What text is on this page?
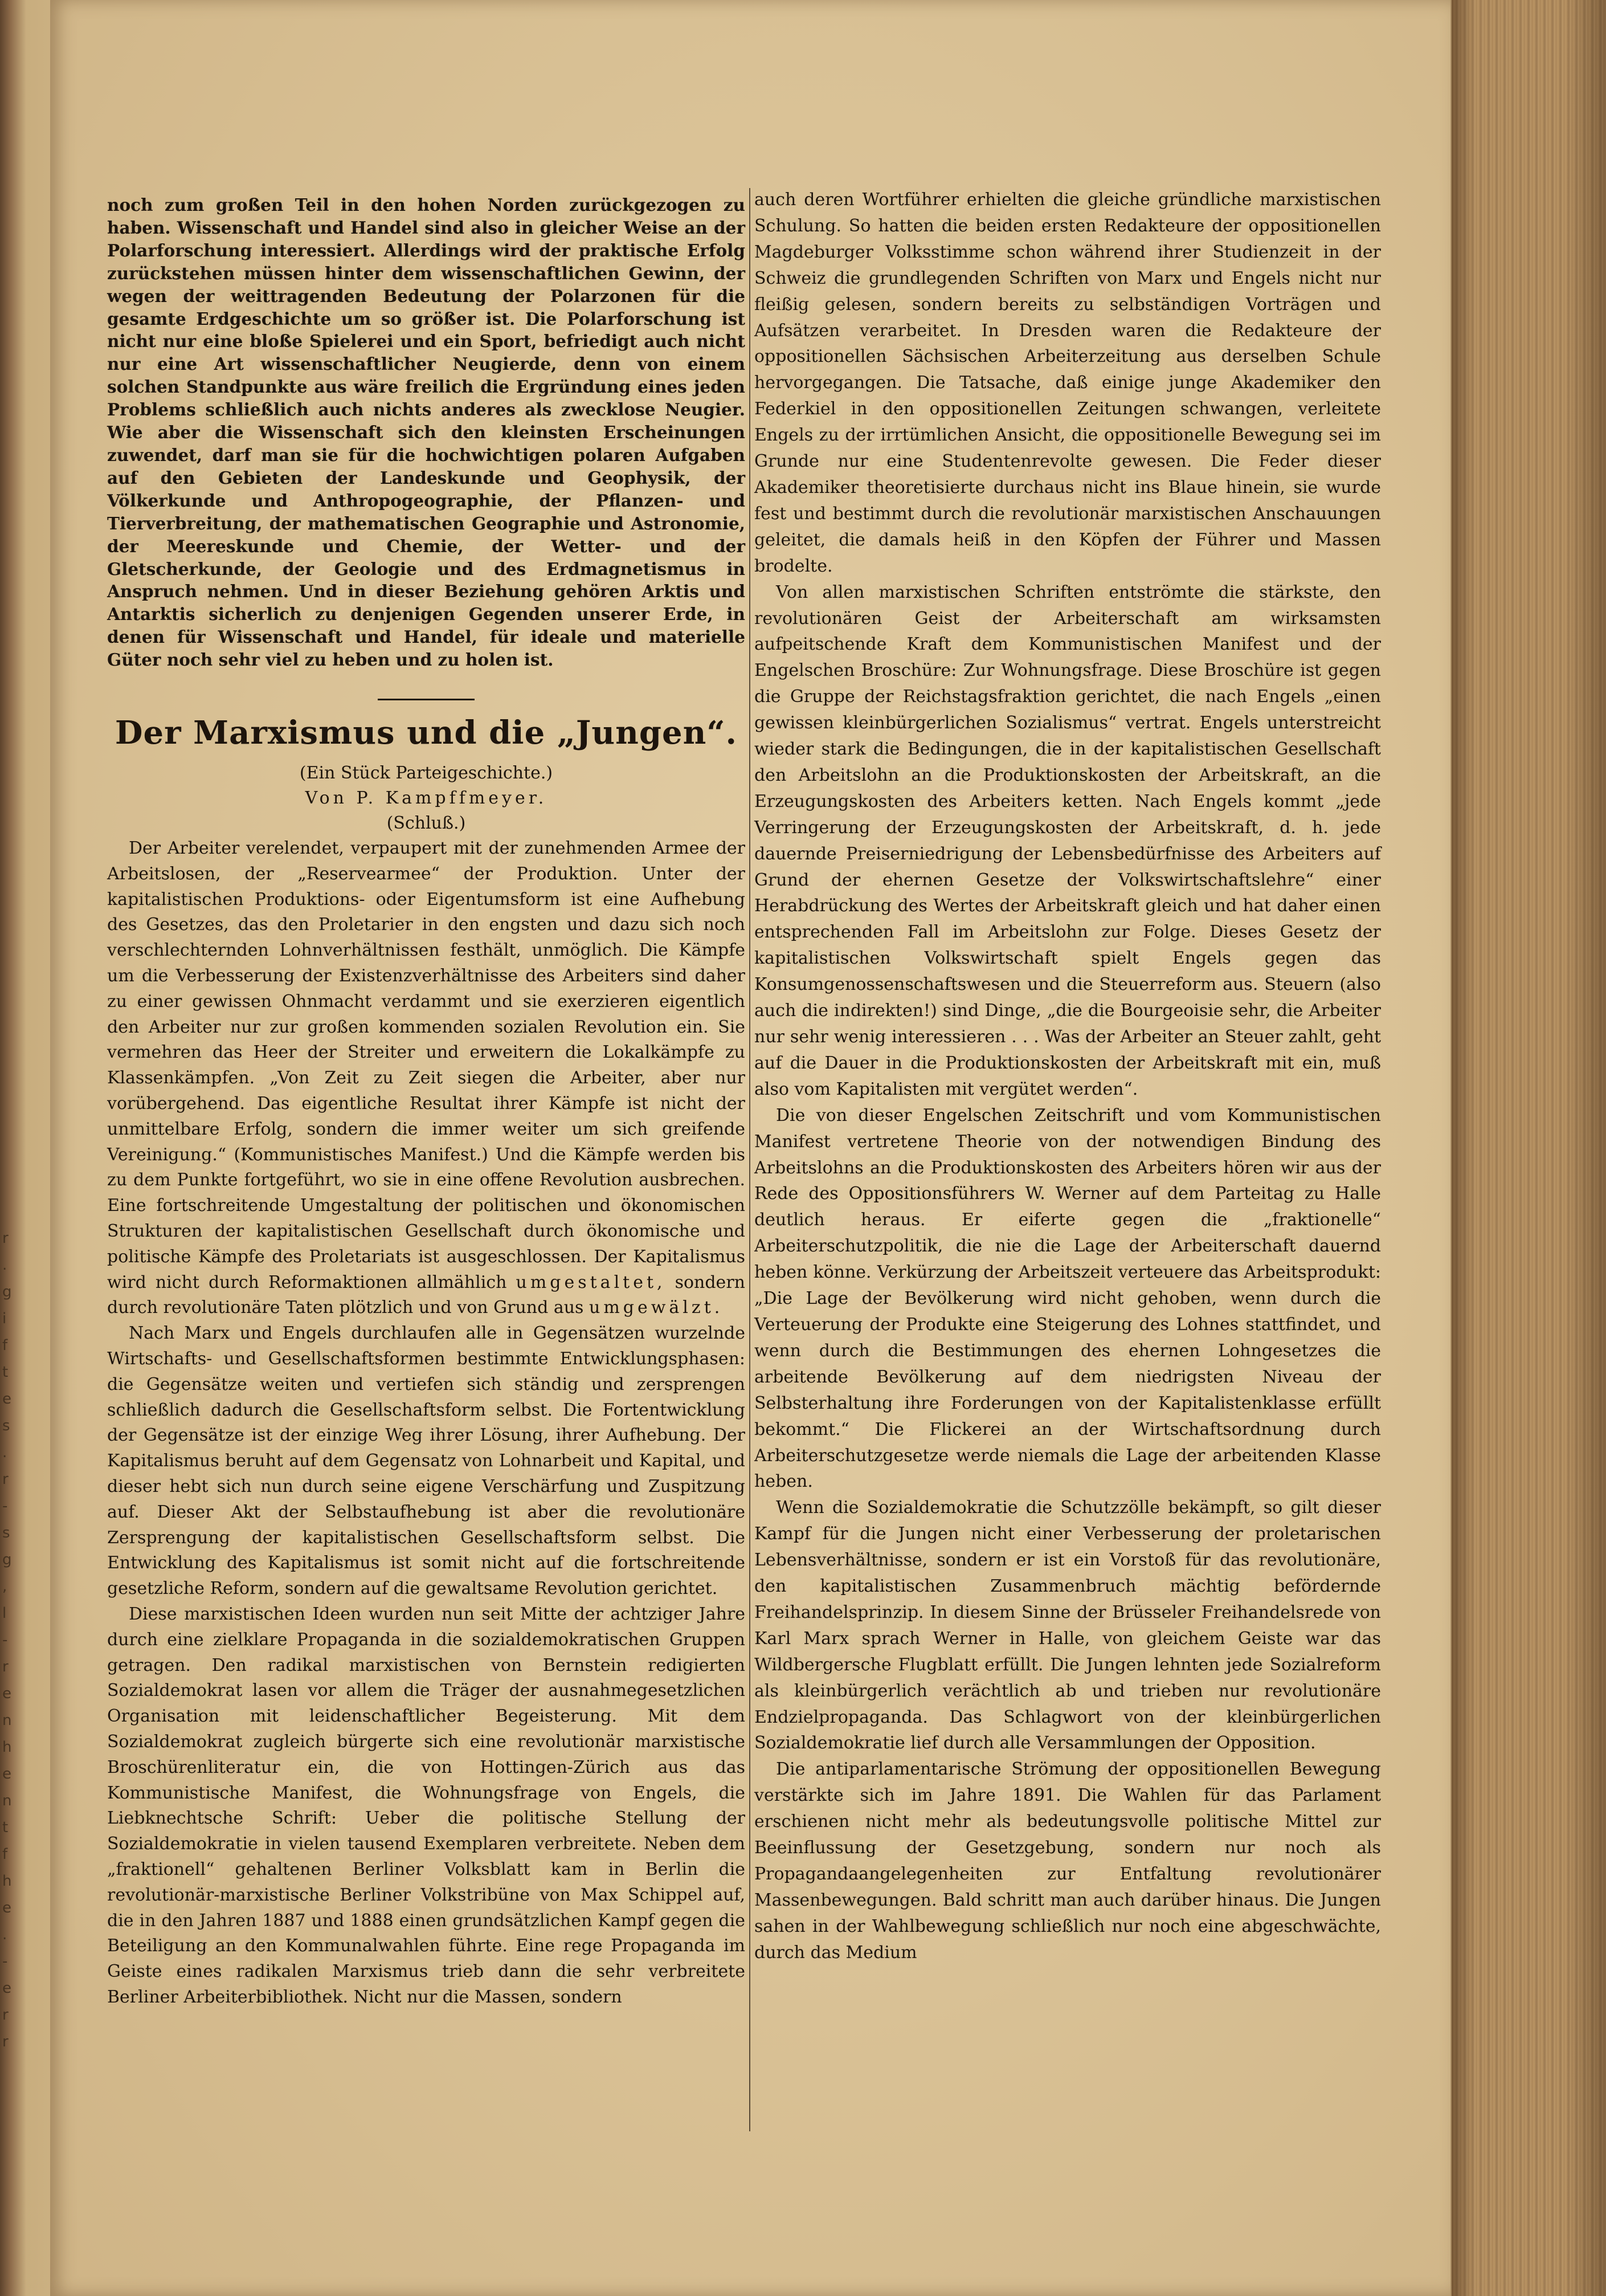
r
.
g
i
f
t
e
s
.
r
-
s
g
,
l
-
r
e
n
h
e
n
t
f
h
e
.
-
e
r
r

noch zum großen Teil in den hohen Norden zurückgezogen zu haben. Wissenschaft und Handel sind also in gleicher Weise an der Polarforschung interessiert. Allerdings wird der praktische Erfolg zurückstehen müssen hinter dem wissenschaftlichen Gewinn, der wegen der weittragenden Bedeutung der Polarzonen für die gesamte Erdgeschichte um so größer ist. Die Polarforschung ist nicht nur eine bloße Spielerei und ein Sport, befriedigt auch nicht nur eine Art wissenschaftlicher Neugierde, denn von einem solchen Standpunkte aus wäre freilich die Ergründung eines jeden Problems schließlich auch nichts anderes als zwecklose Neugier. Wie aber die Wissenschaft sich den kleinsten Erscheinungen zuwendet, darf man sie für die hochwichtigen polaren Aufgaben auf den Gebieten der Landeskunde und Geophysik, der Völkerkunde und Anthropogeographie, der Pflanzen- und Tierverbreitung, der mathematischen Geographie und Astronomie, der Meereskunde und Chemie, der Wetter- und der Gletscherkunde, der Geologie und des Erdmagnetismus in Anspruch nehmen. Und in dieser Beziehung gehören Arktis und Antarktis sicherlich zu denjenigen Gegenden unserer Erde, in denen für Wissenschaft und Handel, für ideale und materielle Güter noch sehr viel zu heben und zu holen ist.

Der Marxismus und die „Jungen“.

(Ein Stück Parteigeschichte.)

Von P. Kampffmeyer.

(Schluß.)

Der Arbeiter verelendet, verpaupert mit der zunehmenden Armee der Arbeitslosen, der „Reservearmee“ der Produktion. Unter der kapitalistischen Produktions- oder Eigentumsform ist eine Aufhebung des Gesetzes, das den Proletarier in den engsten und dazu sich noch verschlechternden Lohnverhältnissen festhält, unmöglich. Die Kämpfe um die Verbesserung der Existenzverhältnisse des Arbeiters sind daher zu einer gewissen Ohnmacht verdammt und sie exerzieren eigentlich den Arbeiter nur zur großen kommenden sozialen Revolution ein. Sie vermehren das Heer der Streiter und erweitern die Lokalkämpfe zu Klassenkämpfen. „Von Zeit zu Zeit siegen die Arbeiter, aber nur vorübergehend. Das eigentliche Resultat ihrer Kämpfe ist nicht der unmittelbare Erfolg, sondern die immer weiter um sich greifende Vereinigung.“ (Kommunistisches Manifest.) Und die Kämpfe werden bis zu dem Punkte fortgeführt, wo sie in eine offene Revolution ausbrechen. Eine fortschreitende Umgestaltung der politischen und ökonomischen Strukturen der kapitalistischen Gesellschaft durch ökonomische und politische Kämpfe des Proletariats ist ausgeschlossen. Der Kapitalismus wird nicht durch Reformaktionen allmählich umgestaltet, sondern durch revolutionäre Taten plötzlich und von Grund aus umgewälzt.

Nach Marx und Engels durchlaufen alle in Gegensätzen wurzelnde Wirtschafts- und Gesellschaftsformen bestimmte Entwicklungsphasen: die Gegensätze weiten und vertiefen sich ständig und zersprengen schließlich dadurch die Gesellschaftsform selbst. Die Fortentwicklung der Gegensätze ist der einzige Weg ihrer Lösung, ihrer Aufhebung. Der Kapitalismus beruht auf dem Gegensatz von Lohnarbeit und Kapital, und dieser hebt sich nun durch seine eigene Verschärfung und Zuspitzung auf. Dieser Akt der Selbstaufhebung ist aber die revolutionäre Zersprengung der kapitalistischen Gesellschaftsform selbst. Die Entwicklung des Kapitalismus ist somit nicht auf die fortschreitende gesetzliche Reform, sondern auf die gewaltsame Revolution gerichtet.

Diese marxistischen Ideen wurden nun seit Mitte der achtziger Jahre durch eine zielklare Propaganda in die sozialdemokratischen Gruppen getragen. Den radikal marxistischen von Bernstein redigierten Sozialdemokrat lasen vor allem die Träger der ausnahmegesetzlichen Organisation mit leidenschaftlicher Begeisterung. Mit dem Sozialdemokrat zugleich bürgerte sich eine revolutionär marxistische Broschürenliteratur ein, die von Hottingen-Zürich aus das Kommunistische Manifest, die Wohnungsfrage von Engels, die Liebknechtsche Schrift: Ueber die politische Stellung der Sozialdemokratie in vielen tausend Exemplaren verbreitete. Neben dem „fraktionell“ gehaltenen Berliner Volksblatt kam in Berlin die revolutionär-marxistische Berliner Volkstribüne von Max Schippel auf, die in den Jahren 1887 und 1888 einen grundsätzlichen Kampf gegen die Beteiligung an den Kommunalwahlen führte. Eine rege Propaganda im Geiste eines radikalen Marxismus trieb dann die sehr verbreitete Berliner Arbeiterbibliothek. Nicht nur die Massen, sondern

auch deren Wortführer erhielten die gleiche gründliche marxistischen Schulung. So hatten die beiden ersten Redakteure der oppositionellen Magdeburger Volksstimme schon während ihrer Studienzeit in der Schweiz die grundlegenden Schriften von Marx und Engels nicht nur fleißig gelesen, sondern bereits zu selbständigen Vorträgen und Aufsätzen verarbeitet. In Dresden waren die Redakteure der oppositionellen Sächsischen Arbeiterzeitung aus derselben Schule hervorgegangen. Die Tatsache, daß einige junge Akademiker den Federkiel in den oppositionellen Zeitungen schwangen, verleitete Engels zu der irrtümlichen Ansicht, die oppositionelle Bewegung sei im Grunde nur eine Studentenrevolte gewesen. Die Feder dieser Akademiker theoretisierte durchaus nicht ins Blaue hinein, sie wurde fest und bestimmt durch die revolutionär marxistischen Anschauungen geleitet, die damals heiß in den Köpfen der Führer und Massen brodelte.

Von allen marxistischen Schriften entströmte die stärkste, den revolutionären Geist der Arbeiterschaft am wirksamsten aufpeitschende Kraft dem Kommunistischen Manifest und der Engelschen Broschüre: Zur Wohnungsfrage. Diese Broschüre ist gegen die Gruppe der Reichstagsfraktion gerichtet, die nach Engels „einen gewissen kleinbürgerlichen Sozialismus“ vertrat. Engels unterstreicht wieder stark die Bedingungen, die in der kapitalistischen Gesellschaft den Arbeitslohn an die Produktionskosten der Arbeitskraft, an die Erzeugungskosten des Arbeiters ketten. Nach Engels kommt „jede Verringerung der Erzeugungskosten der Arbeitskraft, d. h. jede dauernde Preiserniedrigung der Lebensbedürfnisse des Arbeiters auf Grund der ehernen Gesetze der Volkswirtschaftslehre“ einer Herabdrückung des Wertes der Arbeitskraft gleich und hat daher einen entsprechenden Fall im Arbeitslohn zur Folge. Dieses Gesetz der kapitalistischen Volkswirtschaft spielt Engels gegen das Konsumgenossenschaftswesen und die Steuerreform aus. Steuern (also auch die indirekten!) sind Dinge, „die die Bourgeoisie sehr, die Arbeiter nur sehr wenig interessieren . . . Was der Arbeiter an Steuer zahlt, geht auf die Dauer in die Produktionskosten der Arbeitskraft mit ein, muß also vom Kapitalisten mit vergütet werden“.

Die von dieser Engelschen Zeitschrift und vom Kommunistischen Manifest vertretene Theorie von der notwendigen Bindung des Arbeitslohns an die Produktionskosten des Arbeiters hören wir aus der Rede des Oppositionsführers W. Werner auf dem Parteitag zu Halle deutlich heraus. Er eiferte gegen die „fraktionelle“ Arbeiterschutzpolitik, die nie die Lage der Arbeiterschaft dauernd heben könne. Verkürzung der Arbeitszeit verteuere das Arbeitsprodukt: „Die Lage der Bevölkerung wird nicht gehoben, wenn durch die Verteuerung der Produkte eine Steigerung des Lohnes stattfindet, und wenn durch die Bestimmungen des ehernen Lohngesetzes die arbeitende Bevölkerung auf dem niedrigsten Niveau der Selbsterhaltung ihre Forderungen von der Kapitalistenklasse erfüllt bekommt.“ Die Flickerei an der Wirtschaftsordnung durch Arbeiterschutzgesetze werde niemals die Lage der arbeitenden Klasse heben.

Wenn die Sozialdemokratie die Schutzzölle bekämpft, so gilt dieser Kampf für die Jungen nicht einer Verbesserung der proletarischen Lebensverhältnisse, sondern er ist ein Vorstoß für das revolutionäre, den kapitalistischen Zusammenbruch mächtig befördernde Freihandelsprinzip. In diesem Sinne der Brüsseler Freihandelsrede von Karl Marx sprach Werner in Halle, von gleichem Geiste war das Wildbergersche Flugblatt erfüllt. Die Jungen lehnten jede Sozialreform als kleinbürgerlich verächtlich ab und trieben nur revolutionäre Endzielpropaganda. Das Schlagwort von der kleinbürgerlichen Sozialdemokratie lief durch alle Versammlungen der Opposition.

Die antiparlamentarische Strömung der oppositionellen Bewegung verstärkte sich im Jahre 1891. Die Wahlen für das Parlament erschienen nicht mehr als bedeutungsvolle politische Mittel zur Beeinflussung der Gesetzgebung, sondern nur noch als Propagandaangelegenheiten zur Entfaltung revolutionärer Massenbewegungen. Bald schritt man auch darüber hinaus. Die Jungen sahen in der Wahlbewegung schließlich nur noch eine abgeschwächte, durch das Medium
